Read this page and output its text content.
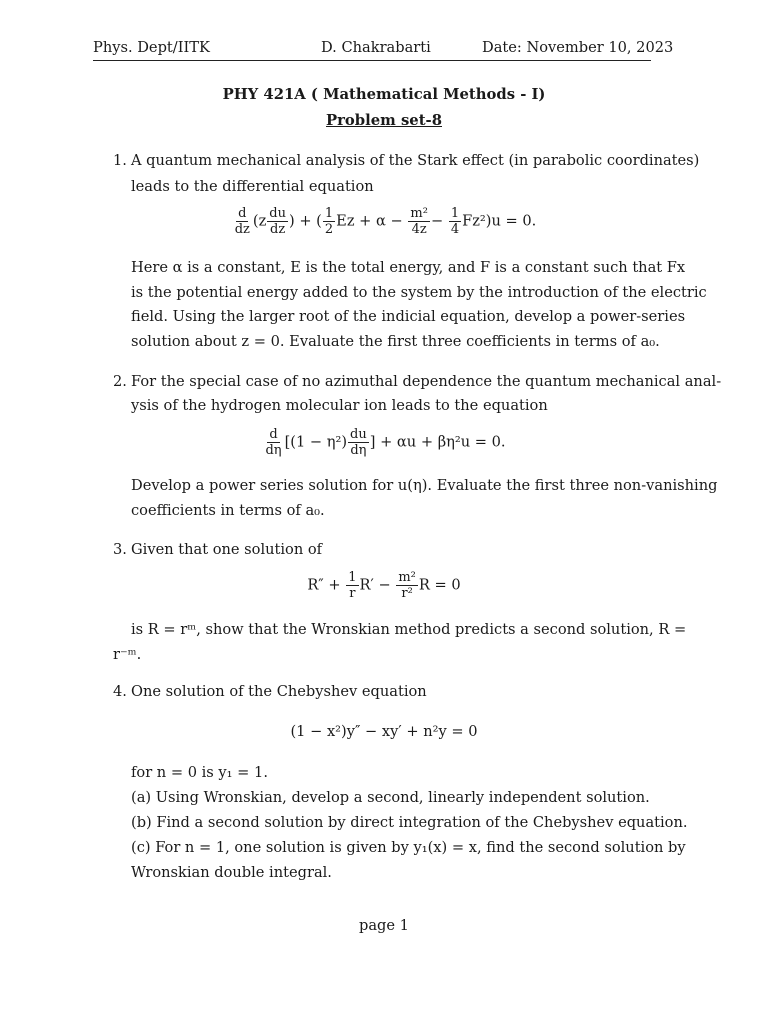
Phys. Dept/IITK	D. Chakrabarti	Date: November 10, 2023
PHY 421A ( Mathematical Methods - I)
Problem set-8
1. A quantum mechanical analysis of the Stark effect (in parabolic coordinates)
leads to the differential equation
$\frac{d}{dz} (z \frac{du}{dz}$ ) + ( $\frac{1}{2}$ $Ez + \alpha - \frac{\text{m²}}{4z} - \frac{1}{4} Fz^2)u = 0$.
Here α is a constant, E is the total energy, and F is a constant such that Fx
is the potential energy added to the system by the introduction of the electric
field. Using the larger root of the indicial equation, develop a power-series
solution about z = 0. Evaluate the first three coefficients in terms of a₀.
2. For the special case of no azimuthal dependence the quantum mechanical anal-
ysis of the hydrogen molecular ion leads to the equation
$\frac{d}{d\eta} [(1 - \eta^2) \frac{du}{d\eta}$ ] + αu + βη²u = 0.
Develop a power series solution for u(η). Evaluate the first three non-vanishing
coefficients in terms of a₀.
3. Given that one solution of
$R'' + \frac{1}{r} R' - \frac{\text{m²}}{\text{r²}}$ R = 0
is R = rᵐ, show that the Wronskian method predicts a second solution, R =
r⁻ᵐ.
4. One solution of the Chebyshev equation
(1 − x²)y″ − xy′ + n²y = 0
for n = 0 is y₁ = 1.
(a) Using Wronskian, develop a second, linearly independent solution.
(b) Find a second solution by direct integration of the Chebyshev equation.
(c) For n = 1, one solution is given by y₁(x) = x, find the second solution by
Wronskian double integral.
page 1
